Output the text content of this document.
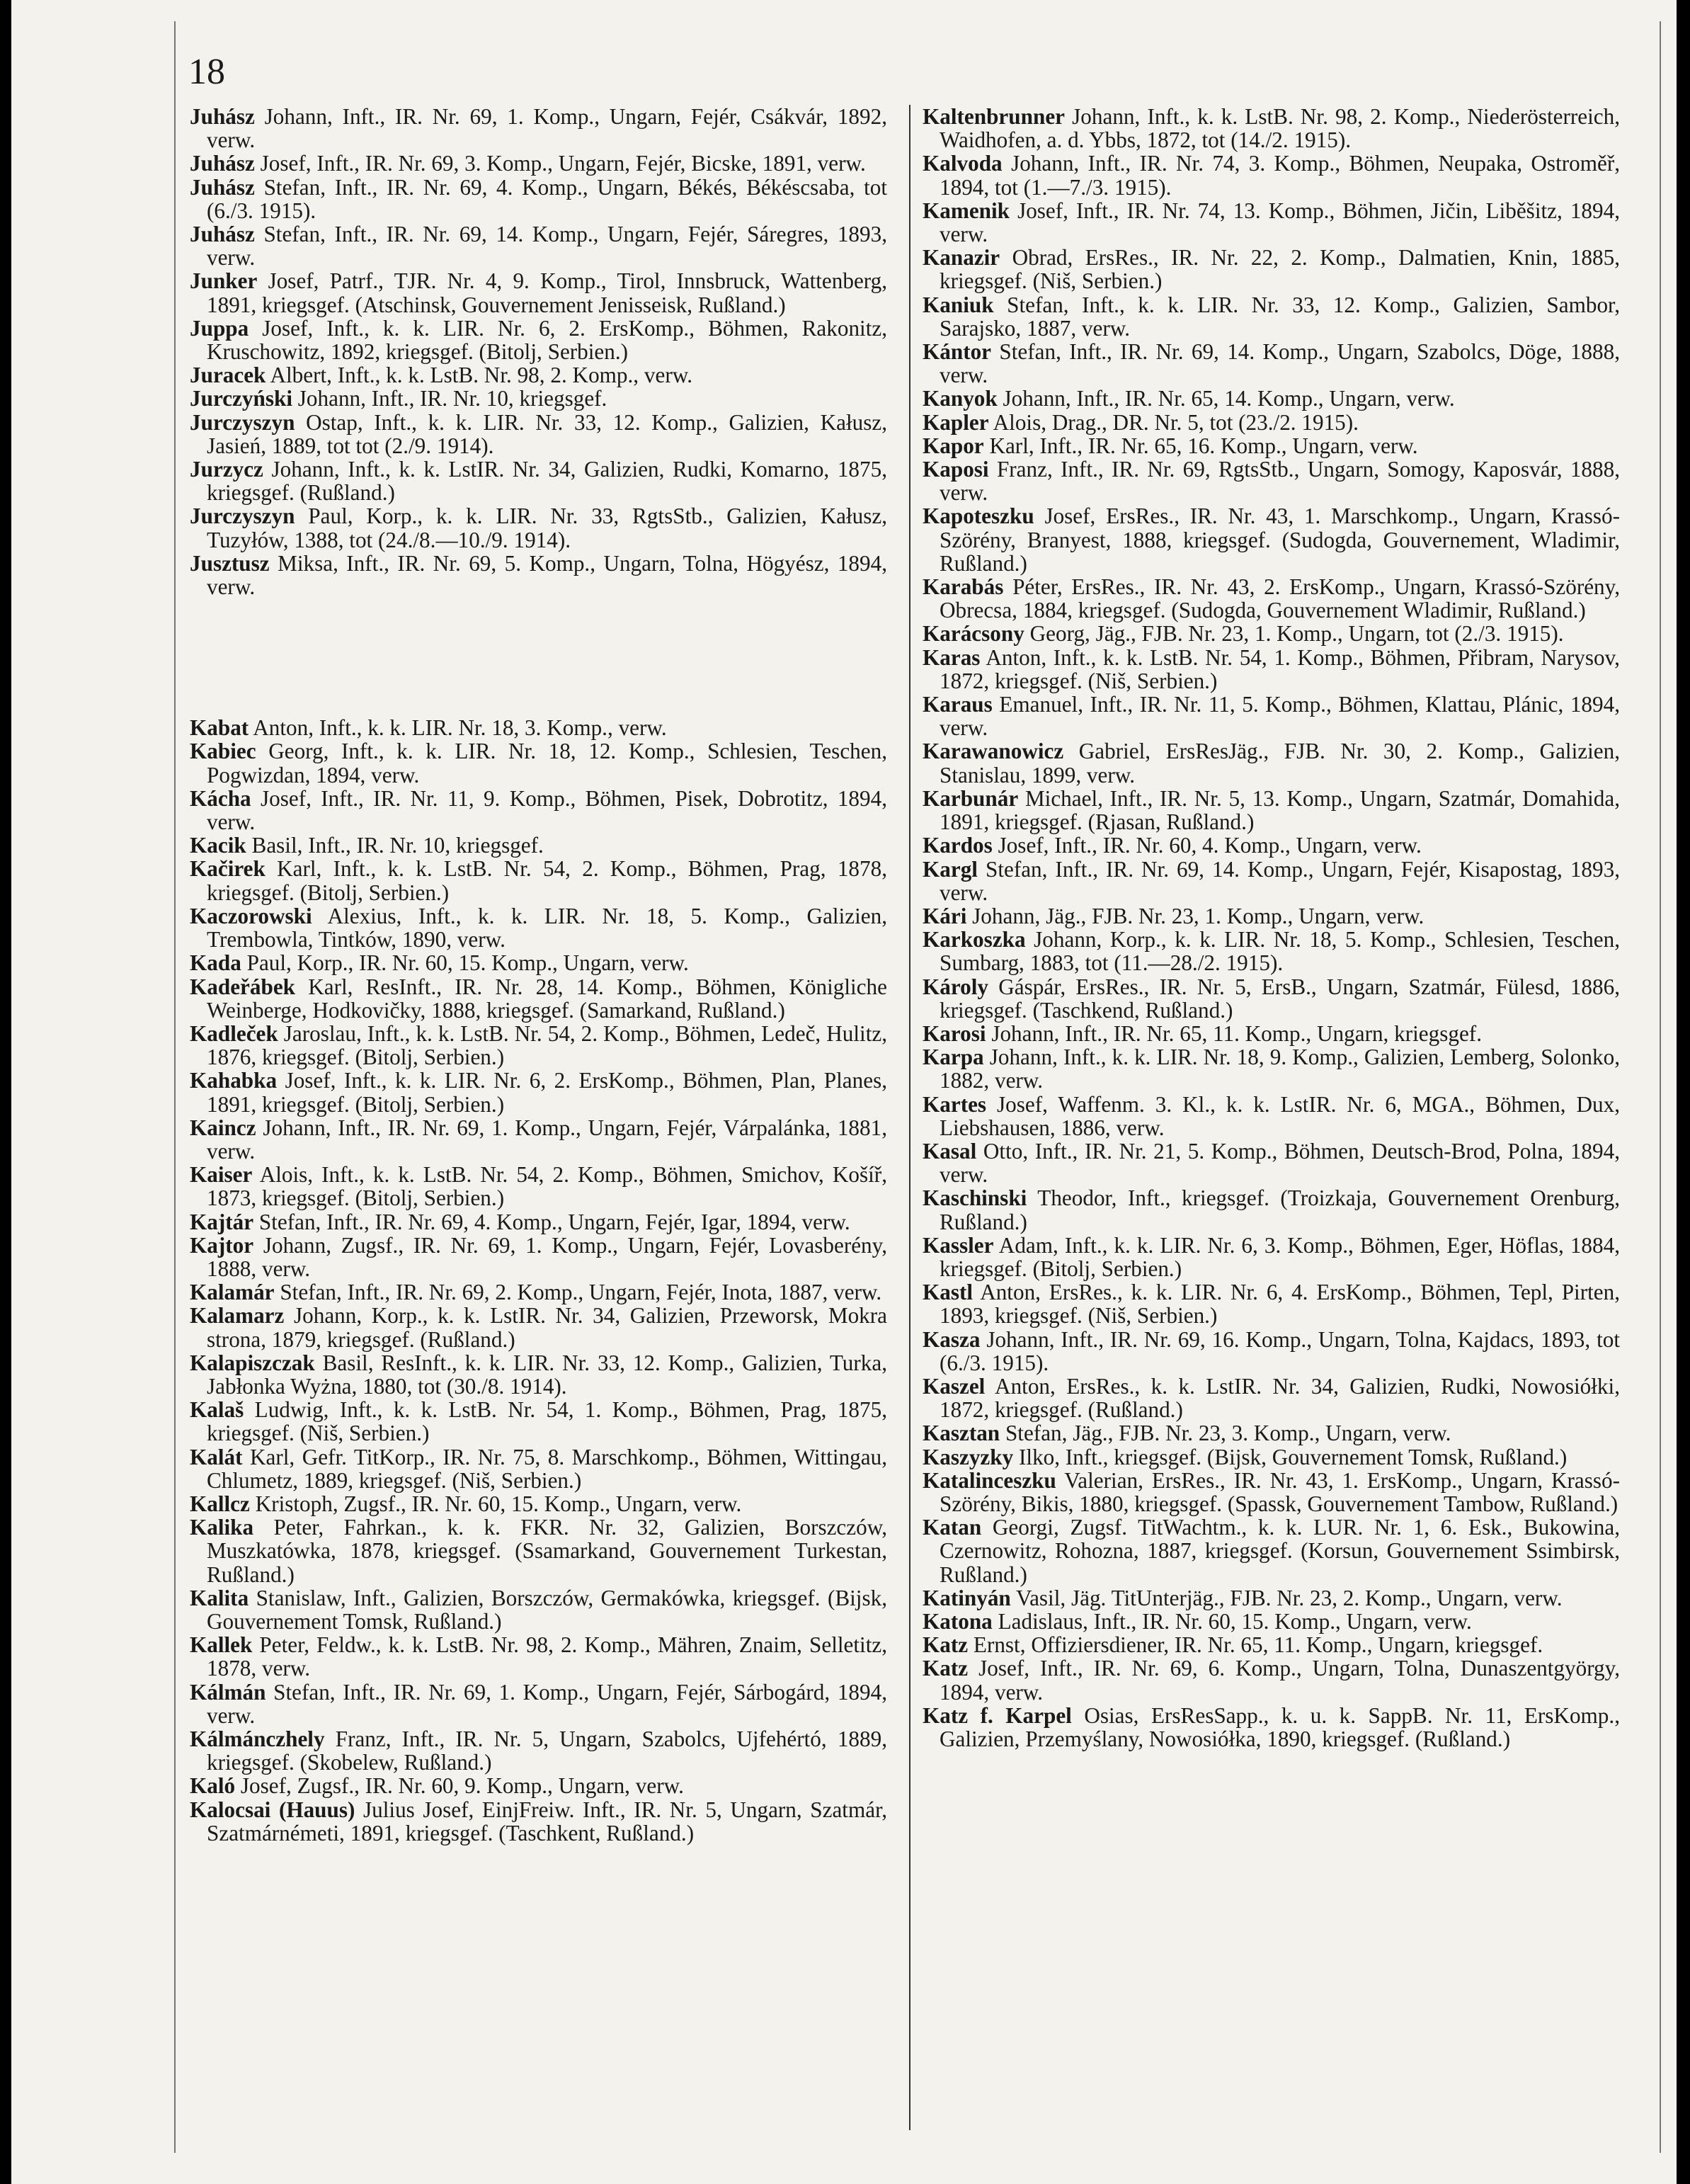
18

Juhász Johann, Inft., IR. Nr. 69, 1. Komp., Ungarn, Fejér, Csákvár, 1892, verw.

Juhász Josef, Inft., IR. Nr. 69, 3. Komp., Ungarn, Fejér, Bicske, 1891, verw.

Juhász Stefan, Inft., IR. Nr. 69, 4. Komp., Ungarn, Békés, Békéscsaba, tot (6./3. 1915).

Juhász Stefan, Inft., IR. Nr. 69, 14. Komp., Ungarn, Fejér, Sáregres, 1893, verw.

Junker Josef, Patrf., TJR. Nr. 4, 9. Komp., Tirol, Innsbruck, Wattenberg, 1891, kriegsgef. (Atschinsk, Gouvernement Jenisseisk, Rußland.)

Juppa Josef, Inft., k. k. LIR. Nr. 6, 2. ErsKomp., Böhmen, Rakonitz, Kruschowitz, 1892, kriegsgef. (Bitolj, Serbien.)

Juracek Albert, Inft., k. k. LstB. Nr. 98, 2. Komp., verw.

Jurczyński Johann, Inft., IR. Nr. 10, kriegsgef.

Jurczyszyn Ostap, Inft., k. k. LIR. Nr. 33, 12. Komp., Galizien, Kałusz, Jasień, 1889, tot tot (2./9. 1914).

Jurzycz Johann, Inft., k. k. LstIR. Nr. 34, Galizien, Rudki, Komarno, 1875, kriegsgef. (Rußland.)

Jurczyszyn Paul, Korp., k. k. LIR. Nr. 33, RgtsStb., Galizien, Kałusz, Tuzyłów, 1388, tot (24./8.—10./9. 1914).

Jusztusz Miksa, Inft., IR. Nr. 69, 5. Komp., Ungarn, Tolna, Högyész, 1894, verw.

Kabat Anton, Inft., k. k. LIR. Nr. 18, 3. Komp., verw.

Kabiec Georg, Inft., k. k. LIR. Nr. 18, 12. Komp., Schlesien, Teschen, Pogwizdan, 1894, verw.

Kácha Josef, Inft., IR. Nr. 11, 9. Komp., Böhmen, Pisek, Dobrotitz, 1894, verw.

Kacik Basil, Inft., IR. Nr. 10, kriegsgef.

Kačirek Karl, Inft., k. k. LstB. Nr. 54, 2. Komp., Böhmen, Prag, 1878, kriegsgef. (Bitolj, Serbien.)

Kaczorowski Alexius, Inft., k. k. LIR. Nr. 18, 5. Komp., Galizien, Trembowla, Tintków, 1890, verw.

Kada Paul, Korp., IR. Nr. 60, 15. Komp., Ungarn, verw.

Kadeřábek Karl, ResInft., IR. Nr. 28, 14. Komp., Böhmen, Königliche Weinberge, Hodkovičky, 1888, kriegsgef. (Samarkand, Rußland.)

Kadleček Jaroslau, Inft., k. k. LstB. Nr. 54, 2. Komp., Böhmen, Ledeč, Hulitz, 1876, kriegsgef. (Bitolj, Serbien.)

Kahabka Josef, Inft., k. k. LIR. Nr. 6, 2. ErsKomp., Böhmen, Plan, Planes, 1891, kriegsgef. (Bitolj, Serbien.)

Kaincz Johann, Inft., IR. Nr. 69, 1. Komp., Ungarn, Fejér, Várpalánka, 1881, verw.

Kaiser Alois, Inft., k. k. LstB. Nr. 54, 2. Komp., Böhmen, Smichov, Košíř, 1873, kriegsgef. (Bitolj, Serbien.)

Kajtár Stefan, Inft., IR. Nr. 69, 4. Komp., Ungarn, Fejér, Igar, 1894, verw.

Kajtor Johann, Zugsf., IR. Nr. 69, 1. Komp., Ungarn, Fejér, Lovasberény, 1888, verw.

Kalamár Stefan, Inft., IR. Nr. 69, 2. Komp., Ungarn, Fejér, Inota, 1887, verw.

Kalamarz Johann, Korp., k. k. LstIR. Nr. 34, Galizien, Przeworsk, Mokra strona, 1879, kriegsgef. (Rußland.)

Kalapiszczak Basil, ResInft., k. k. LIR. Nr. 33, 12. Komp., Galizien, Turka, Jabłonka Wyżna, 1880, tot (30./8. 1914).

Kalaš Ludwig, Inft., k. k. LstB. Nr. 54, 1. Komp., Böhmen, Prag, 1875, kriegsgef. (Niš, Serbien.)

Kalát Karl, Gefr. TitKorp., IR. Nr. 75, 8. Marschkomp., Böhmen, Wittingau, Chlumetz, 1889, kriegsgef. (Niš, Serbien.)

Kallcz Kristoph, Zugsf., IR. Nr. 60, 15. Komp., Ungarn, verw.

Kalika Peter, Fahrkan., k. k. FKR. Nr. 32, Galizien, Borszczów, Muszkatówka, 1878, kriegsgef. (Ssamarkand, Gouvernement Turkestan, Rußland.)

Kalita Stanislaw, Inft., Galizien, Borszczów, Germakówka, kriegsgef. (Bijsk, Gouvernement Tomsk, Rußland.)

Kallek Peter, Feldw., k. k. LstB. Nr. 98, 2. Komp., Mähren, Znaim, Selletitz, 1878, verw.

Kálmán Stefan, Inft., IR. Nr. 69, 1. Komp., Ungarn, Fejér, Sárbogárd, 1894, verw.

Kálmánczhely Franz, Inft., IR. Nr. 5, Ungarn, Szabolcs, Ujfehértó, 1889, kriegsgef. (Skobelew, Rußland.)

Kaló Josef, Zugsf., IR. Nr. 60, 9. Komp., Ungarn, verw.

Kalocsai (Hauus) Julius Josef, EinjFreiw. Inft., IR. Nr. 5, Ungarn, Szatmár, Szatmárnémeti, 1891, kriegsgef. (Taschkent, Rußland.)

Kaltenbrunner Johann, Inft., k. k. LstB. Nr. 98, 2. Komp., Niederösterreich, Waidhofen, a. d. Ybbs, 1872, tot (14./2. 1915).

Kalvoda Johann, Inft., IR. Nr. 74, 3. Komp., Böhmen, Neupaka, Ostroměř, 1894, tot (1.—7./3. 1915).

Kamenik Josef, Inft., IR. Nr. 74, 13. Komp., Böhmen, Jičin, Liběšitz, 1894, verw.

Kanazir Obrad, ErsRes., IR. Nr. 22, 2. Komp., Dalmatien, Knin, 1885, kriegsgef. (Niš, Serbien.)

Kaniuk Stefan, Inft., k. k. LIR. Nr. 33, 12. Komp., Galizien, Sambor, Sarajsko, 1887, verw.

Kántor Stefan, Inft., IR. Nr. 69, 14. Komp., Ungarn, Szabolcs, Döge, 1888, verw.

Kanyok Johann, Inft., IR. Nr. 65, 14. Komp., Ungarn, verw.

Kapler Alois, Drag., DR. Nr. 5, tot (23./2. 1915).

Kapor Karl, Inft., IR. Nr. 65, 16. Komp., Ungarn, verw.

Kaposi Franz, Inft., IR. Nr. 69, RgtsStb., Ungarn, Somogy, Kaposvár, 1888, verw.

Kapoteszku Josef, ErsRes., IR. Nr. 43, 1. Marschkomp., Ungarn, Krassó-Szörény, Branyest, 1888, kriegsgef. (Sudogda, Gouvernement, Wladimir, Rußland.)

Karabás Péter, ErsRes., IR. Nr. 43, 2. ErsKomp., Ungarn, Krassó-Szörény, Obrecsa, 1884, kriegsgef. (Sudogda, Gouvernement Wladimir, Rußland.)

Karácsony Georg, Jäg., FJB. Nr. 23, 1. Komp., Ungarn, tot (2./3. 1915).

Karas Anton, Inft., k. k. LstB. Nr. 54, 1. Komp., Böhmen, Přibram, Narysov, 1872, kriegsgef. (Niš, Serbien.)

Karaus Emanuel, Inft., IR. Nr. 11, 5. Komp., Böhmen, Klattau, Plánic, 1894, verw.

Karawanowicz Gabriel, ErsResJäg., FJB. Nr. 30, 2. Komp., Galizien, Stanislau, 1899, verw.

Karbunár Michael, Inft., IR. Nr. 5, 13. Komp., Ungarn, Szatmár, Domahida, 1891, kriegsgef. (Rjasan, Rußland.)

Kardos Josef, Inft., IR. Nr. 60, 4. Komp., Ungarn, verw.

Kargl Stefan, Inft., IR. Nr. 69, 14. Komp., Ungarn, Fejér, Kisapostag, 1893, verw.

Kári Johann, Jäg., FJB. Nr. 23, 1. Komp., Ungarn, verw.

Karkoszka Johann, Korp., k. k. LIR. Nr. 18, 5. Komp., Schlesien, Teschen, Sumbarg, 1883, tot (11.—28./2. 1915).

Károly Gáspár, ErsRes., IR. Nr. 5, ErsB., Ungarn, Szatmár, Fülesd, 1886, kriegsgef. (Taschkend, Rußland.)

Karosi Johann, Inft., IR. Nr. 65, 11. Komp., Ungarn, kriegsgef.

Karpa Johann, Inft., k. k. LIR. Nr. 18, 9. Komp., Galizien, Lemberg, Solonko, 1882, verw.

Kartes Josef, Waffenm. 3. Kl., k. k. LstIR. Nr. 6, MGA., Böhmen, Dux, Liebshausen, 1886, verw.

Kasal Otto, Inft., IR. Nr. 21, 5. Komp., Böhmen, Deutsch-Brod, Polna, 1894, verw.

Kaschinski Theodor, Inft., kriegsgef. (Troizkaja, Gouvernement Orenburg, Rußland.)

Kassler Adam, Inft., k. k. LIR. Nr. 6, 3. Komp., Böhmen, Eger, Höflas, 1884, kriegsgef. (Bitolj, Serbien.)

Kastl Anton, ErsRes., k. k. LIR. Nr. 6, 4. ErsKomp., Böhmen, Tepl, Pirten, 1893, kriegsgef. (Niš, Serbien.)

Kasza Johann, Inft., IR. Nr. 69, 16. Komp., Ungarn, Tolna, Kajdacs, 1893, tot (6./3. 1915).

Kaszel Anton, ErsRes., k. k. LstIR. Nr. 34, Galizien, Rudki, Nowosiółki, 1872, kriegsgef. (Rußland.)

Kasztan Stefan, Jäg., FJB. Nr. 23, 3. Komp., Ungarn, verw.

Kaszyzky Ilko, Inft., kriegsgef. (Bijsk, Gouvernement Tomsk, Rußland.)

Katalinceszku Valerian, ErsRes., IR. Nr. 43, 1. ErsKomp., Ungarn, Krassó-Szörény, Bikis, 1880, kriegsgef. (Spassk, Gouvernement Tambow, Rußland.)

Katan Georgi, Zugsf. TitWachtm., k. k. LUR. Nr. 1, 6. Esk., Bukowina, Czernowitz, Rohozna, 1887, kriegsgef. (Korsun, Gouvernement Ssimbirsk, Rußland.)

Katinyán Vasil, Jäg. TitUnterjäg., FJB. Nr. 23, 2. Komp., Ungarn, verw.

Katona Ladislaus, Inft., IR. Nr. 60, 15. Komp., Ungarn, verw.

Katz Ernst, Offiziersdiener, IR. Nr. 65, 11. Komp., Ungarn, kriegsgef.

Katz Josef, Inft., IR. Nr. 69, 6. Komp., Ungarn, Tolna, Dunaszentgyörgy, 1894, verw.

Katz f. Karpel Osias, ErsResSapp., k. u. k. SappB. Nr. 11, ErsKomp., Galizien, Przemyślany, Nowosiółka, 1890, kriegsgef. (Rußland.)
